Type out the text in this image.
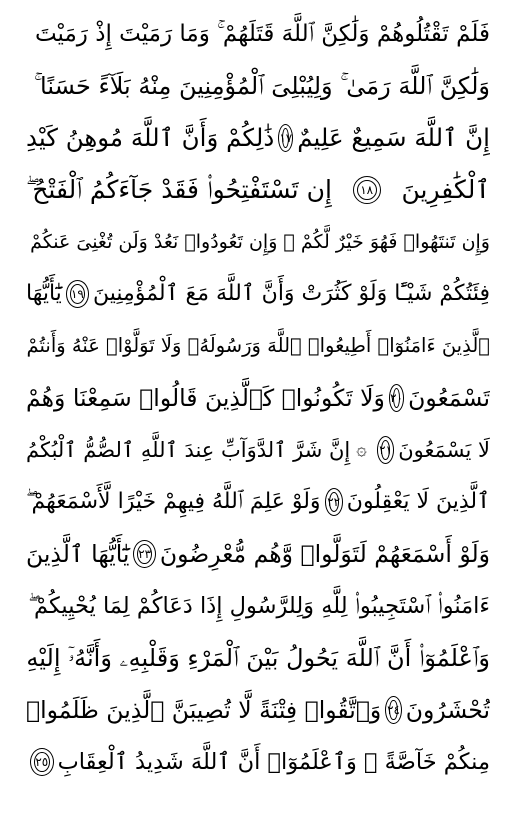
فَلَمْ تَقْتُلُوهُمْ وَلَٰكِنَّ ٱللَّهَ قَتَلَهُمْ ۚ وَمَا رَمَيْتَ إِذْ رَمَيْتَ
وَلَٰكِنَّ ٱللَّهَ رَمَىٰ ۚ وَلِيُبْلِىَ ٱلْمُؤْمِنِينَ مِنْهُ بَلَآءً حَسَنًا ۚ
إِنَّ ٱللَّهَ سَمِيعٌ عَلِيمٌ
١٧
ذَٰلِكُمْ وَأَنَّ ٱللَّهَ مُوهِنُ كَيْدِ
ٱلْكَٰفِرِينَ
١٨
إِن تَسْتَفْتِحُوا۟ فَقَدْ جَآءَكُمُ ٱلْفَتْحُ ۖ
وَإِن تَنتَهُوا۟ فَهُوَ خَيْرٌ لَّكُمْ ۖ وَإِن تَعُودُوا۟ نَعُدْ وَلَن تُغْنِىَ عَنكُمْ
فِئَتُكُمْ شَيْـًٔا وَلَوْ كَثُرَتْ وَأَنَّ ٱللَّهَ مَعَ ٱلْمُؤْمِنِينَ
١٩
يَٰٓأَيُّهَا
ٱلَّذِينَ ءَامَنُوٓا۟ أَطِيعُوا۟ ٱللَّهَ وَرَسُولَهُۥ وَلَا تَوَلَّوْا۟ عَنْهُ وَأَنتُمْ
تَسْمَعُونَ
٢٠
وَلَا تَكُونُوا۟ كَٱلَّذِينَ قَالُوا۟ سَمِعْنَا وَهُمْ
لَا يَسْمَعُونَ
٢١
۞
إِنَّ شَرَّ ٱلدَّوَآبِّ عِندَ ٱللَّهِ ٱلصُّمُّ ٱلْبُكْمُ
ٱلَّذِينَ لَا يَعْقِلُونَ
٢٢
وَلَوْ عَلِمَ ٱللَّهُ فِيهِمْ خَيْرًا لَّأَسْمَعَهُمْ ۖ
وَلَوْ أَسْمَعَهُمْ لَتَوَلَّوا۟ وَّهُم مُّعْرِضُونَ
٢٣
يَٰٓأَيُّهَا ٱلَّذِينَ
ءَامَنُوا۟ ٱسْتَجِيبُوا۟ لِلَّهِ وَلِلرَّسُولِ إِذَا دَعَاكُمْ لِمَا يُحْيِيكُمْ ۖ
وَٱعْلَمُوٓا۟ أَنَّ ٱللَّهَ يَحُولُ بَيْنَ ٱلْمَرْءِ وَقَلْبِهِۦ وَأَنَّهُۥٓ إِلَيْهِ
تُحْشَرُونَ
٢٤
وَٱتَّقُوا۟ فِتْنَةً لَّا تُصِيبَنَّ ٱلَّذِينَ ظَلَمُوا۟
مِنكُمْ خَآصَّةً ۖ وَٱعْلَمُوٓا۟ أَنَّ ٱللَّهَ شَدِيدُ ٱلْعِقَابِ
٢٥
